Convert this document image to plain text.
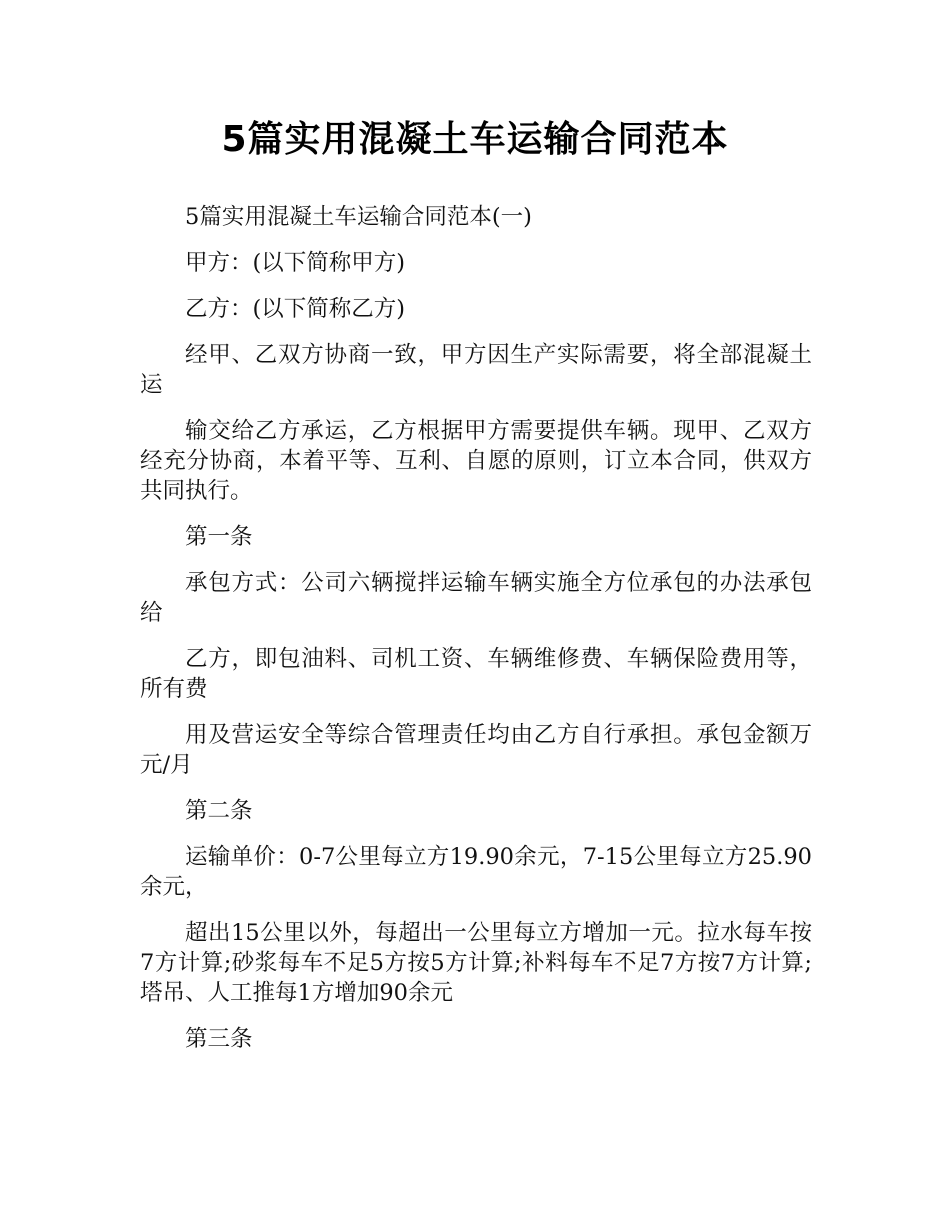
5篇实用混凝土车运输合同范本

5篇实用混凝土车运输合同范本(一)

甲方：(以下简称甲方)

乙方：(以下简称乙方)

经甲、乙双方协商一致，甲方因生产实际需要，将全部混凝土运

输交给乙方承运，乙方根据甲方需要提供车辆。现甲、乙双方经充分协商，本着平等、互利、自愿的原则，订立本合同，供双方共同执行。

第一条

承包方式：公司六辆搅拌运输车辆实施全方位承包的办法承包给

乙方，即包油料、司机工资、车辆维修费、车辆保险费用等，所有费

用及营运安全等综合管理责任均由乙方自行承担。承包金额万元/月

第二条

运输单价：0-7公里每立方19.90余元，7-15公里每立方25.90余元，

超出15公里以外，每超出一公里每立方增加一元。拉水每车按7方计算;砂浆每车不足5方按5方计算;补料每车不足7方按7方计算;塔吊、人工推每1方增加90余元

第三条
